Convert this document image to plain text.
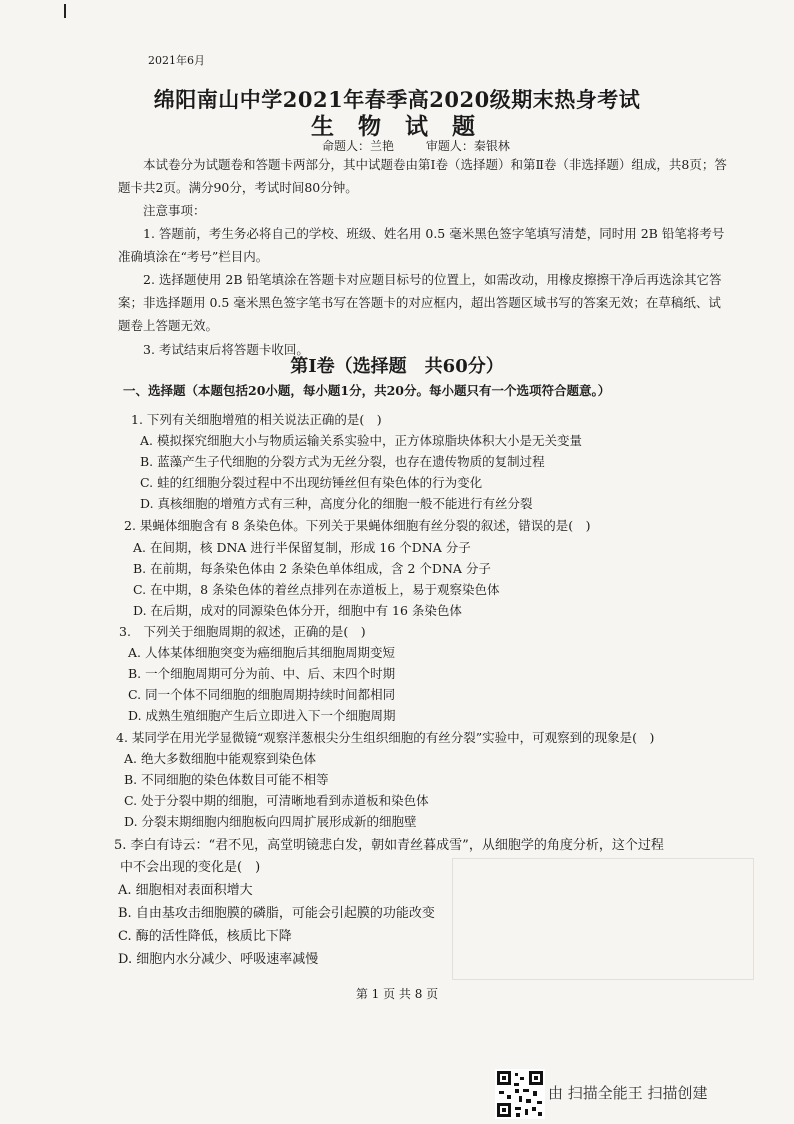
2021年6月
绵阳南山中学2021年春季高2020级期末热身考试
生 物 试 题
命题人：兰艳	审题人：秦银林
本试卷分为试题卷和答题卡两部分，其中试题卷由第Ⅰ卷（选择题）和第Ⅱ卷（非选择题）组成，共8页；答题卡共2页。满分90分，考试时间80分钟。
注意事项：
1. 答题前，考生务必将自己的学校、班级、姓名用 0.5 毫米黑色签字笔填写清楚，同时用 2B 铅笔将考号准确填涂在“考号”栏目内。
2. 选择题使用 2B 铅笔填涂在答题卡对应题目标号的位置上，如需改动，用橡皮擦擦干净后再选涂其它答案；非选择题用 0.5 毫米黑色签字笔书写在答题卡的对应框内，超出答题区域书写的答案无效；在草稿纸、试题卷上答题无效。
3. 考试结束后将答题卡收回。
第Ⅰ卷（选择题　共60分）
一、选择题（本题包括20小题，每小题1分，共20分。每小题只有一个选项符合题意。）
1. 下列有关细胞增殖的相关说法正确的是(　)
A. 模拟探究细胞大小与物质运输关系实验中，正方体琼脂块体积大小是无关变量
B. 蓝藻产生子代细胞的分裂方式为无丝分裂，也存在遗传物质的复制过程
C. 蛙的红细胞分裂过程中不出现纺锤丝但有染色体的行为变化
D. 真核细胞的增殖方式有三种，高度分化的细胞一般不能进行有丝分裂
2. 果蝇体细胞含有 8 条染色体。下列关于果蝇体细胞有丝分裂的叙述，错误的是(　)
A. 在间期，核 DNA 进行半保留复制，形成 16 个DNA 分子
B. 在前期，每条染色体由 2 条染色单体组成，含 2 个DNA 分子
C. 在中期，8 条染色体的着丝点排列在赤道板上，易于观察染色体
D. 在后期，成对的同源染色体分开，细胞中有 16 条染色体
3.　下列关于细胞周期的叙述，正确的是(　)
A. 人体某体细胞突变为癌细胞后其细胞周期变短
B. 一个细胞周期可分为前、中、后、末四个时期
C. 同一个体不同细胞的细胞周期持续时间都相同
D. 成熟生殖细胞产生后立即进入下一个细胞周期
4. 某同学在用光学显微镜“观察洋葱根尖分生组织细胞的有丝分裂”实验中，可观察到的现象是(　)
A. 绝大多数细胞中能观察到染色体
B. 不同细胞的染色体数目可能不相等
C. 处于分裂中期的细胞，可清晰地看到赤道板和染色体
D. 分裂末期细胞内细胞板向四周扩展形成新的细胞壁
5. 李白有诗云：“君不见，高堂明镜悲白发，朝如青丝暮成雪”，从细胞学的角度分析，这个过程
中不会出现的变化是(　)
A. 细胞相对表面积增大
B. 自由基攻击细胞膜的磷脂，可能会引起膜的功能改变
C. 酶的活性降低，核质比下降
D. 细胞内水分减少、呼吸速率减慢
第 1 页 共 8 页
由 扫描全能王 扫描创建
